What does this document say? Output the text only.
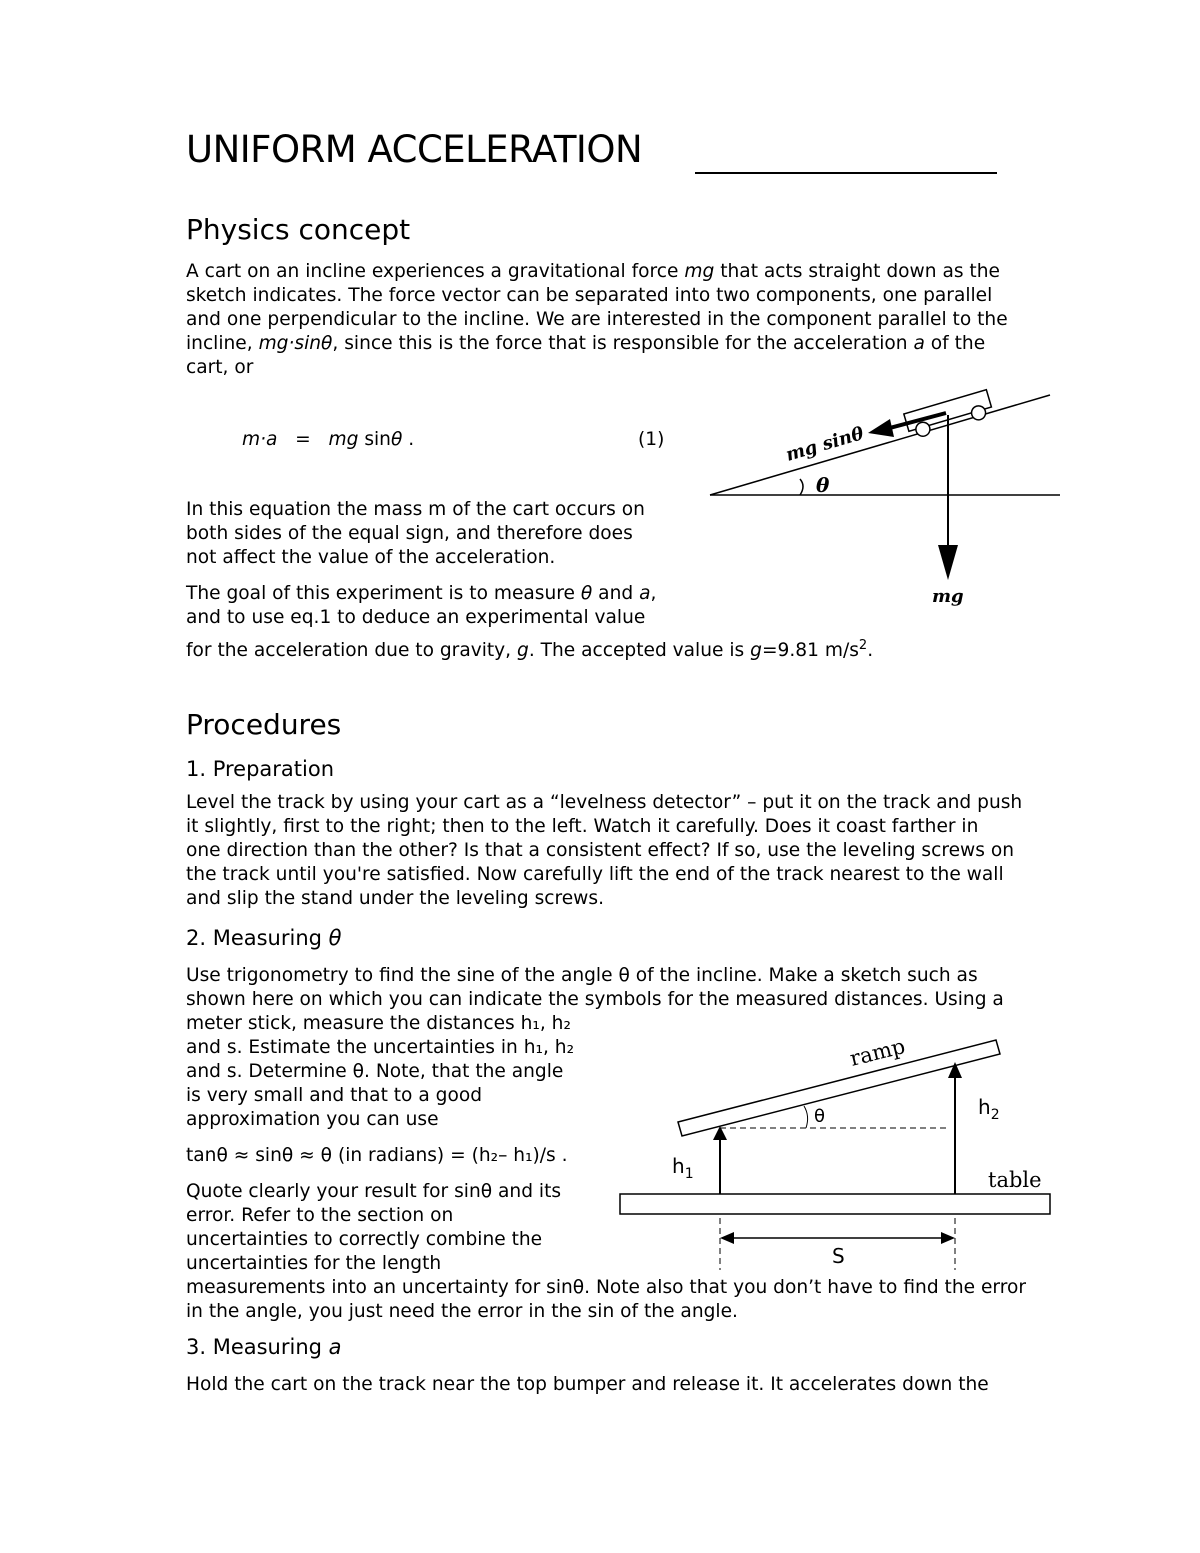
UNIFORM ACCELERATION
Physics concept
A cart on an incline experiences a gravitational force mg that acts straight down as the
sketch indicates. The force vector can be separated into two components, one parallel
and one perpendicular to the incline. We are interested in the component parallel to the
incline, mg·sinθ, since this is the force that is responsible for the acceleration a of the
cart, or
m·a = mg sinθ .	(1)
θ
mg sinθ
mg
In this equation the mass m of the cart occurs on
both sides of the equal sign, and therefore does
not affect the value of the acceleration.
The goal of this experiment is to measure θ and a,
and to use eq.1 to deduce an experimental value
for the acceleration due to gravity, g. The accepted value is g=9.81 $m/s^2$.
Procedures
1. Preparation
Level the track by using your cart as a “levelness detector” – put it on the track and push
it slightly, first to the right; then to the left. Watch it carefully. Does it coast farther in
one direction than the other? Is that a consistent effect? If so, use the leveling screws on
the track until you're satisfied. Now carefully lift the end of the track nearest to the wall
and slip the stand under the leveling screws.
2. Measuring θ
Use trigonometry to find the sine of the angle θ of the incline. Make a sketch such as
shown here on which you can indicate the symbols for the measured distances. Using a
meter stick, measure the distances h₁, h₂
and s. Estimate the uncertainties in h₁, h₂
and s. Determine θ. Note, that the angle
is very small and that to a good
approximation you can use
tanθ ≈ sinθ ≈ θ (in radians) = (h₂– h₁)/s .
Quote clearly your result for sinθ and its
error. Refer to the section on
uncertainties to correctly combine the
uncertainties for the length
measurements into an uncertainty for sinθ. Note also that you don’t have to find the error
in the angle, you just need the error in the sin of the angle.
ramp
θ
$h_1$
$h_2$
table
S
3. Measuring a
Hold the cart on the track near the top bumper and release it. It accelerates down the
